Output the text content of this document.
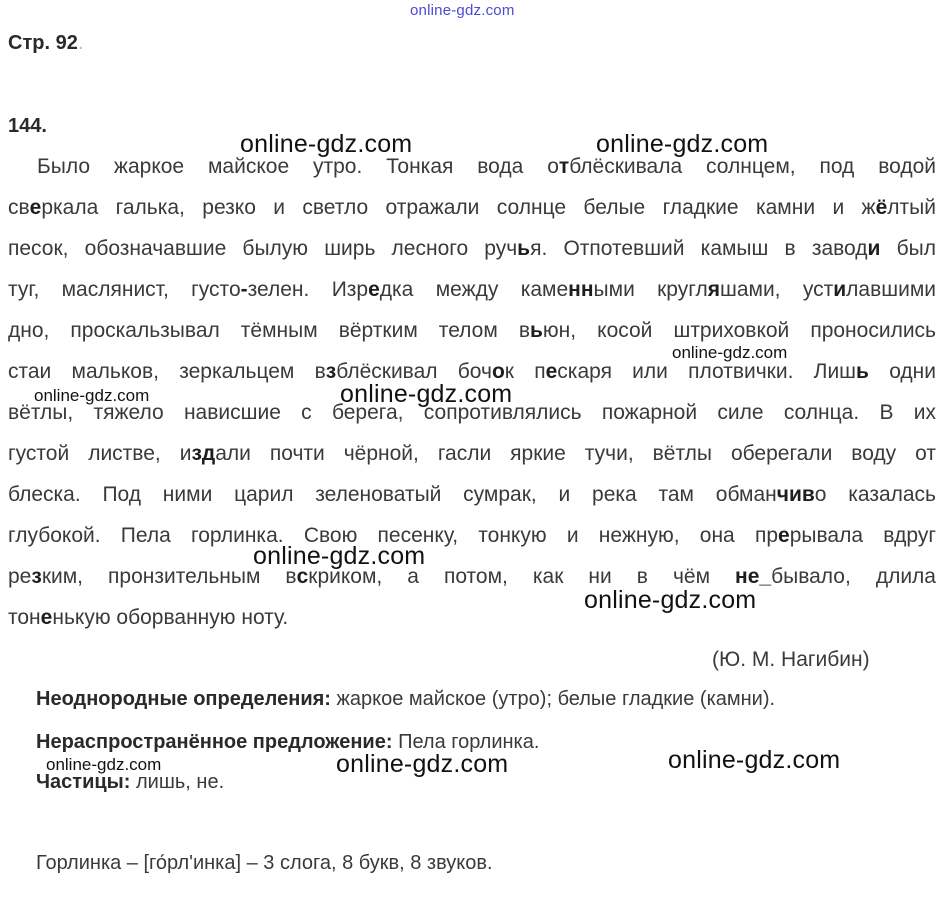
online-gdz.com
Стр. 92.
144.
Было жаркое майское утро. Тонкая вода отблёскивала солнцем, под водой
сверкала галька, резко и светло отражали солнце белые гладкие камни и жёлтый
песок, обозначавшие былую ширь лесного ручья. Отпотевший камыш в заводи был
туг, маслянист, густо-зелен. Изредка между каменными кругляшами, устилавшими
дно, проскальзывал тёмным вёртким телом вьюн, косой штриховкой проносились
стаи мальков, зеркальцем взблёскивал бочок пескаря или плотвички. Лишь одни
вётлы, тяжело нависшие с берега, сопротивлялись пожарной силе солнца. В их
густой листве, издали почти чёрной, гасли яркие тучи, вётлы оберегали воду от
блеска. Под ними царил зеленоватый сумрак, и река там обманчиво казалась
глубокой. Пела горлинка. Свою песенку, тонкую и нежную, она прерывала вдруг
резким, пронзительным вскриком, а потом, как ни в чём не_бывало, длила
тоненькую оборванную ноту.
(Ю. М. Нагибин)
Неоднородные определения: жаркое майское (утро); белые гладкие (камни).
Нераспространённое предложение: Пела горлинка.
Частицы: лишь, не.
Горлинка – [го́рл'инка] – 3 слога, 8 букв, 8 звуков.
online-gdz.com	online-gdz.com
online-gdz.com
online-gdz.com	online-gdz.com
online-gdz.com
online-gdz.com
online-gdz.com	online-gdz.com	online-gdz.com
